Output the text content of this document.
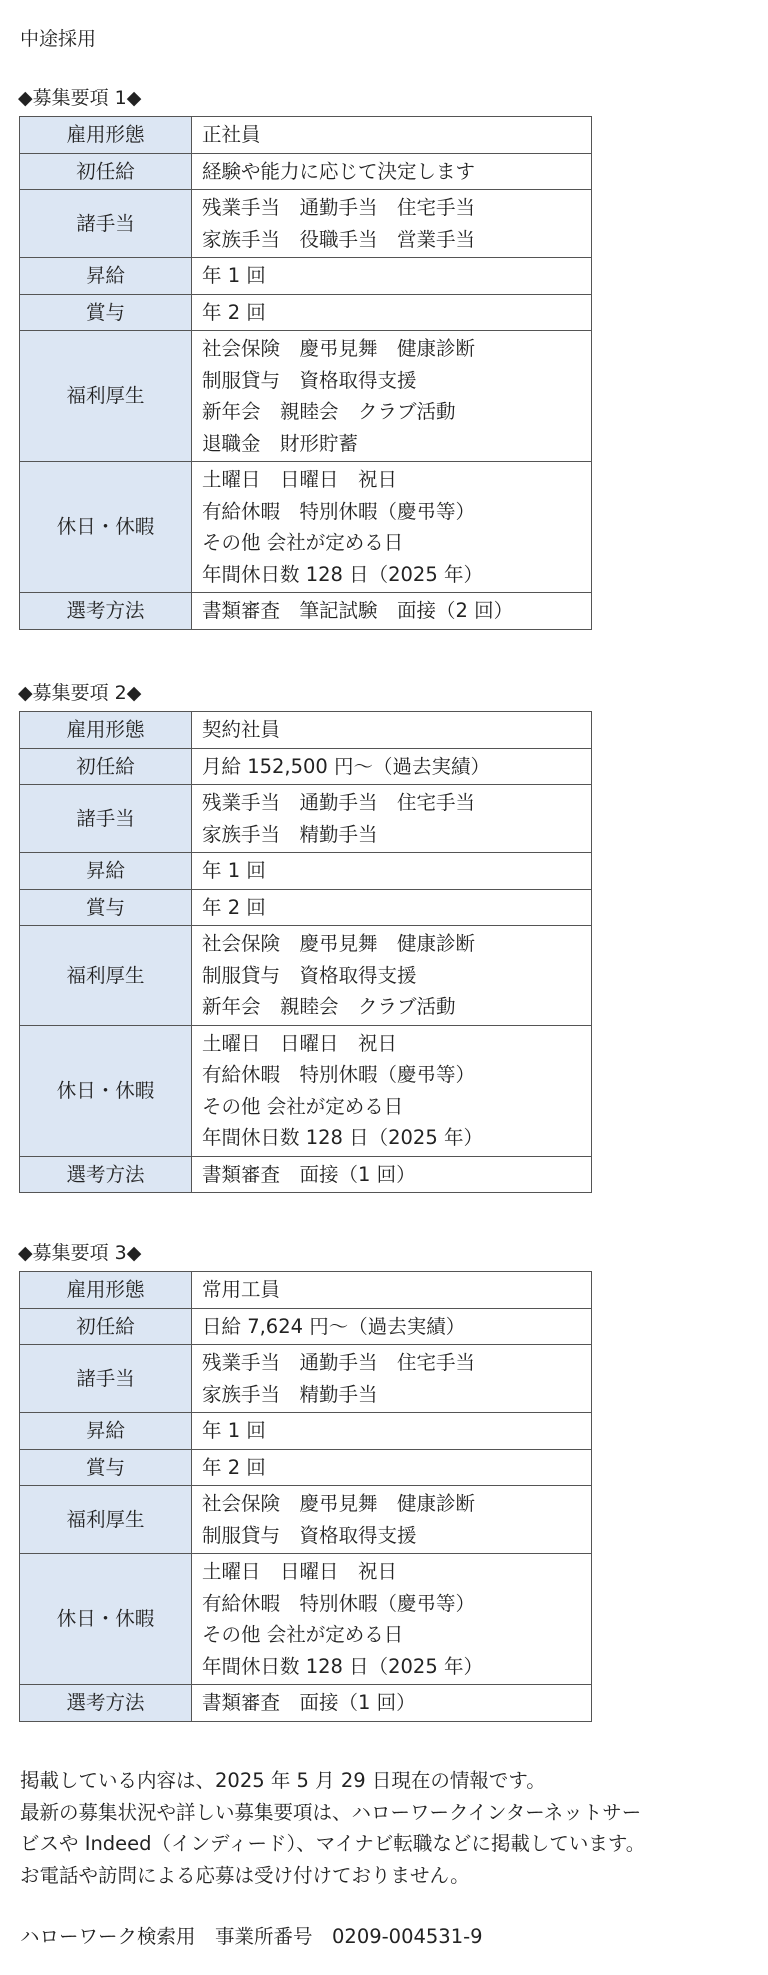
中途採用
◆募集要項 1◆
雇用形態	正社員

初任給	経験や能力に応じて決定します

諸手当	残業手当　通勤手当　住宅手当
家族手当　役職手当　営業手当

昇給	年 1 回

賞与	年 2 回

福利厚生	社会保険　慶弔見舞　健康診断
制服貸与　資格取得支援
新年会　親睦会　クラブ活動
退職金　財形貯蓄

休日・休暇	土曜日　日曜日　祝日
有給休暇　特別休暇（慶弔等）
その他 会社が定める日
年間休日数 128 日（2025 年）

選考方法	書類審査　筆記試験　面接（2 回）
◆募集要項 2◆
雇用形態	契約社員

初任給	月給 152,500 円～（過去実績）

諸手当	残業手当　通勤手当　住宅手当
家族手当　精勤手当

昇給	年 1 回

賞与	年 2 回

福利厚生	社会保険　慶弔見舞　健康診断
制服貸与　資格取得支援
新年会　親睦会　クラブ活動

休日・休暇	土曜日　日曜日　祝日
有給休暇　特別休暇（慶弔等）
その他 会社が定める日
年間休日数 128 日（2025 年）

選考方法	書類審査　面接（1 回）
◆募集要項 3◆
雇用形態	常用工員

初任給	日給 7,624 円～（過去実績）

諸手当	残業手当　通勤手当　住宅手当
家族手当　精勤手当

昇給	年 1 回

賞与	年 2 回

福利厚生	社会保険　慶弔見舞　健康診断
制服貸与　資格取得支援

休日・休暇	土曜日　日曜日　祝日
有給休暇　特別休暇（慶弔等）
その他 会社が定める日
年間休日数 128 日（2025 年）

選考方法	書類審査　面接（1 回）
掲載している内容は、2025 年 5 月 29 日現在の情報です。
最新の募集状況や詳しい募集要項は、ハローワークインターネットサー
ビスや Indeed（インディード）、マイナビ転職などに掲載しています。
お電話や訪問による応募は受け付けておりません。
ハローワーク検索用　事業所番号　0209-004531-9
